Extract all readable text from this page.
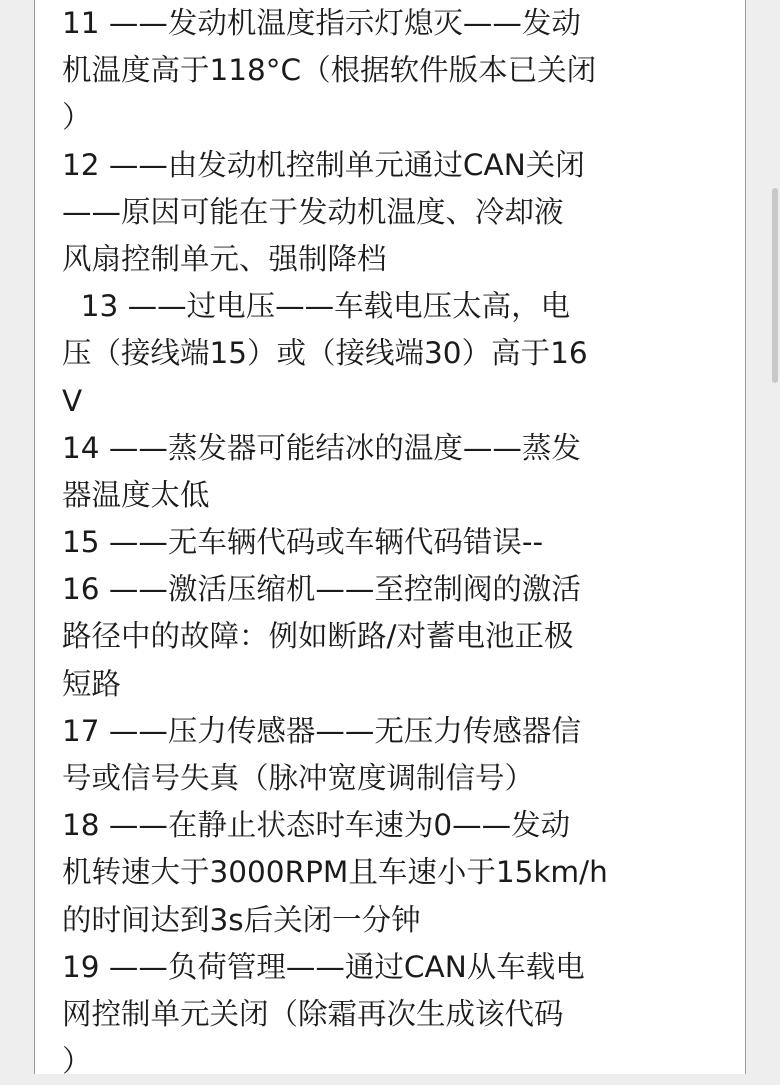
11 ——发动机温度指示灯熄灭——发动
机温度高于118°C（根据软件版本已关闭
）
12 ——由发动机控制单元通过CAN关闭
——原因可能在于发动机温度、冷却液
风扇控制单元、强制降档
13 ——过电压——车载电压太高，电
压（接线端15）或（接线端30）高于16
V
14 ——蒸发器可能结冰的温度——蒸发
器温度太低
15 ——无车辆代码或车辆代码错误--
16 ——激活压缩机——至控制阀的激活
路径中的故障：例如断路/对蓄电池正极
短路
17 ——压力传感器——无压力传感器信
号或信号失真（脉冲宽度调制信号）
18 ——在静止状态时车速为0——发动
机转速大于3000RPM且车速小于15km/h
的时间达到3s后关闭一分钟
19 ——负荷管理——通过CAN从车载电
网控制单元关闭（除霜再次生成该代码
）
